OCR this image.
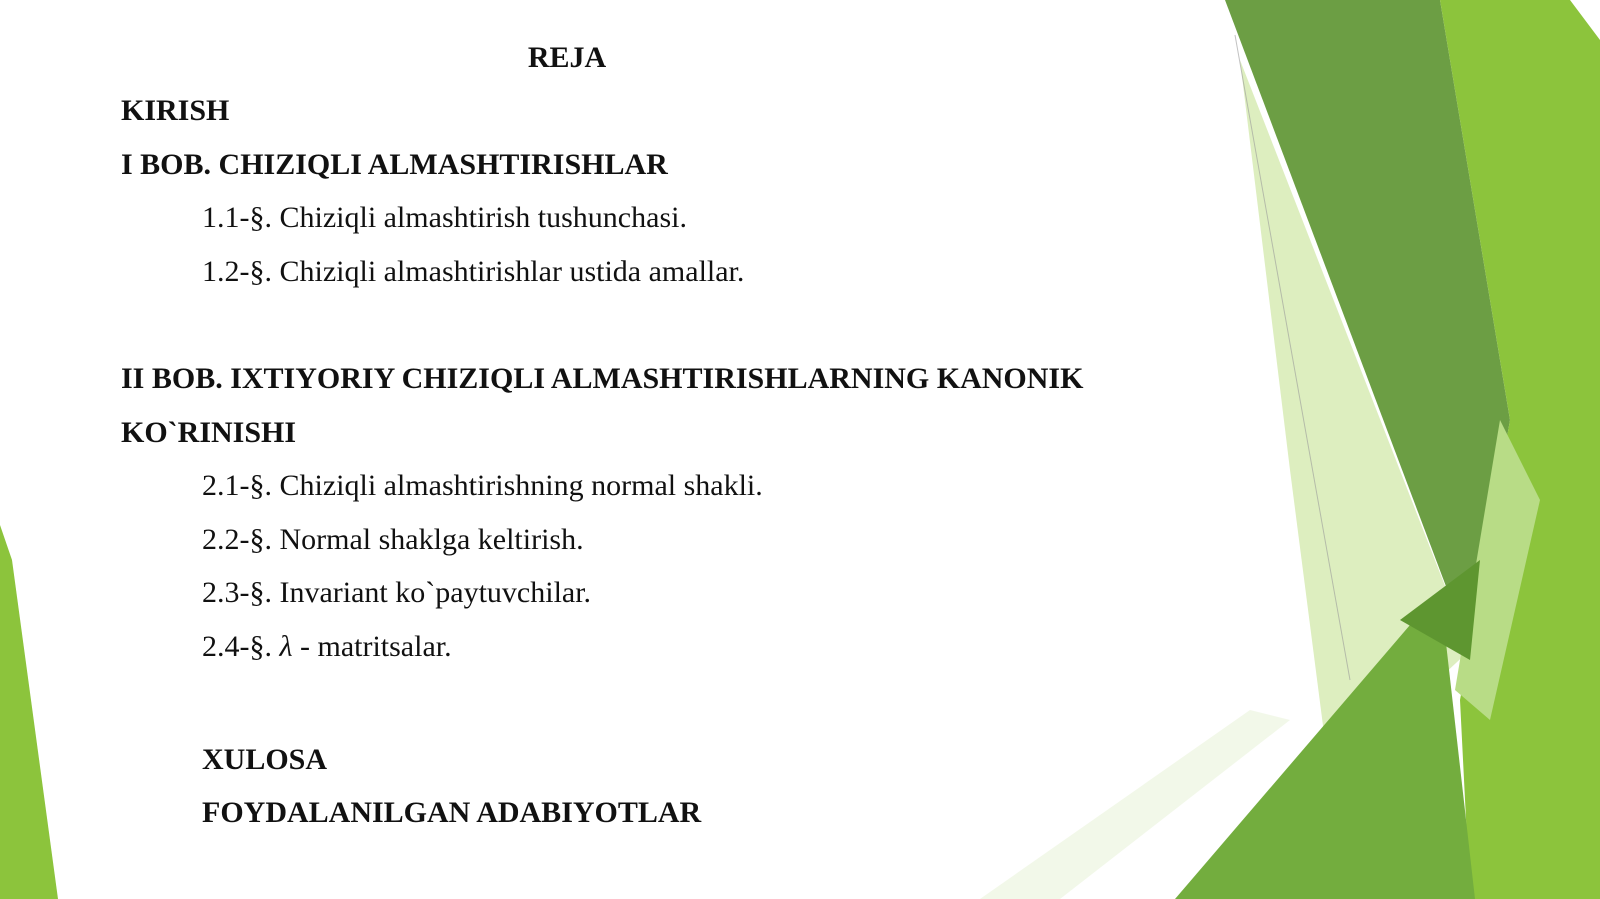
REJA
KIRISH
I BOB. CHIZIQLI ALMASHTIRISHLAR
1.1-§. Chiziqli almashtirish tushunchasi.
1.2-§. Chiziqli almashtirishlar ustida amallar.
II BOB. IXTIYORIY CHIZIQLI ALMASHTIRISHLARNING KANONIK
KO`RINISHI
2.1-§. Chiziqli almashtirishning normal shakli.
2.2-§. Normal shaklga keltirish.
2.3-§. Invariant ko`paytuvchilar.
2.4-§. λ - matritsalar.
XULOSA
FOYDALANILGAN ADABIYOTLAR
